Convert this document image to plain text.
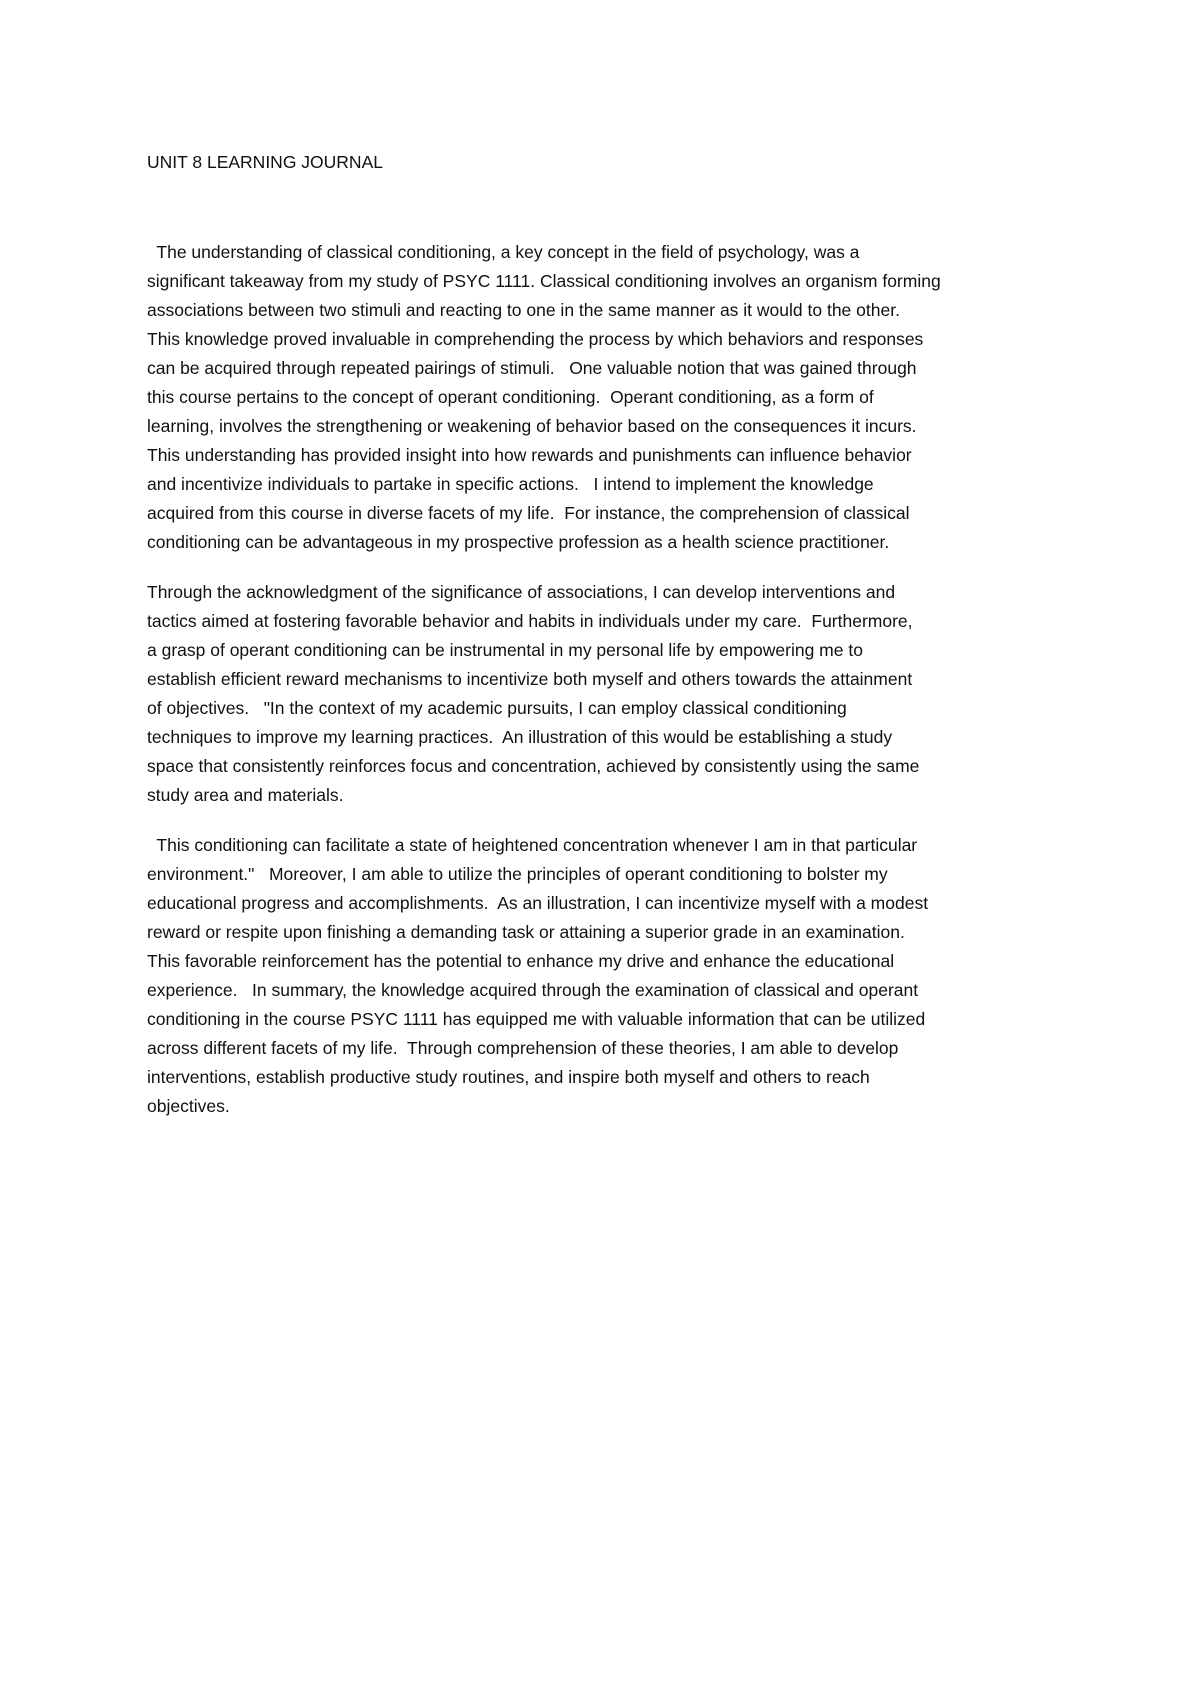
UNIT 8 LEARNING JOURNAL
The understanding of classical conditioning, a key concept in the field of psychology, was a
significant takeaway from my study of PSYC 1111. Classical conditioning involves an organism forming
associations between two stimuli and reacting to one in the same manner as it would to the other.
This knowledge proved invaluable in comprehending the process by which behaviors and responses
can be acquired through repeated pairings of stimuli.   One valuable notion that was gained through
this course pertains to the concept of operant conditioning.  Operant conditioning, as a form of
learning, involves the strengthening or weakening of behavior based on the consequences it incurs.
This understanding has provided insight into how rewards and punishments can influence behavior
and incentivize individuals to partake in specific actions.   I intend to implement the knowledge
acquired from this course in diverse facets of my life.  For instance, the comprehension of classical
conditioning can be advantageous in my prospective profession as a health science practitioner.
Through the acknowledgment of the significance of associations, I can develop interventions and
tactics aimed at fostering favorable behavior and habits in individuals under my care.  Furthermore,
a grasp of operant conditioning can be instrumental in my personal life by empowering me to
establish efficient reward mechanisms to incentivize both myself and others towards the attainment
of objectives.   "In the context of my academic pursuits, I can employ classical conditioning
techniques to improve my learning practices.  An illustration of this would be establishing a study
space that consistently reinforces focus and concentration, achieved by consistently using the same
study area and materials.
This conditioning can facilitate a state of heightened concentration whenever I am in that particular
environment."   Moreover, I am able to utilize the principles of operant conditioning to bolster my
educational progress and accomplishments.  As an illustration, I can incentivize myself with a modest
reward or respite upon finishing a demanding task or attaining a superior grade in an examination.
This favorable reinforcement has the potential to enhance my drive and enhance the educational
experience.   In summary, the knowledge acquired through the examination of classical and operant
conditioning in the course PSYC 1111 has equipped me with valuable information that can be utilized
across different facets of my life.  Through comprehension of these theories, I am able to develop
interventions, establish productive study routines, and inspire both myself and others to reach
objectives.
